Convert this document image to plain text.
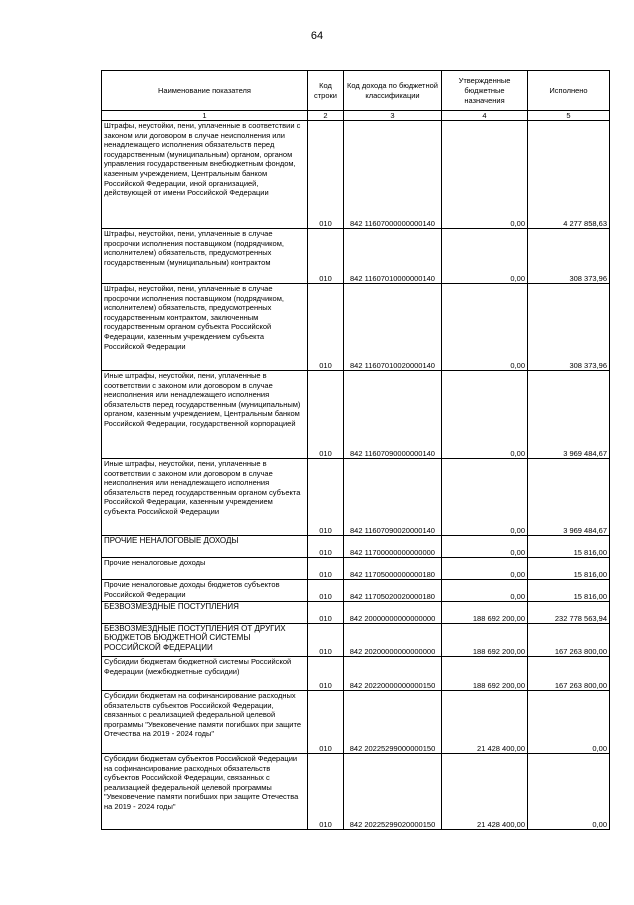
64
Наименование показателя	Код строки	Код дохода по бюджетной классификации	Утвержденные бюджетные назначения	Исполнено
1	2	3	4	5
Штрафы, неустойки, пени, уплаченные в соответствии с законом или договором в случае неисполнения или ненадлежащего исполнения обязательств перед государственным (муниципальным) органом, органом управления государственным внебюджетным фондом, казенным учреждением, Центральным банком Российской Федерации, иной организацией, действующей от имени Российской Федерации	010	842 11607000000000140	0,00	4 277 858,63
Штрафы, неустойки, пени, уплаченные в случае просрочки исполнения поставщиком (подрядчиком, исполнителем) обязательств, предусмотренных государственным (муниципальным) контрактом	010	842 11607010000000140	0,00	308 373,96
Штрафы, неустойки, пени, уплаченные в случае просрочки исполнения поставщиком (подрядчиком, исполнителем) обязательств, предусмотренных государственным контрактом, заключенным государственным органом субъекта Российской Федерации, казенным учреждением субъекта Российской Федерации	010	842 11607010020000140	0,00	308 373,96
Иные штрафы, неустойки, пени, уплаченные в соответствии с законом или договором в случае неисполнения или ненадлежащего исполнения обязательств перед государственным (муниципальным) органом, казенным учреждением, Центральным банком Российской Федерации, государственной корпорацией	010	842 11607090000000140	0,00	3 969 484,67
Иные штрафы, неустойки, пени, уплаченные в соответствии с законом или договором в случае неисполнения или ненадлежащего исполнения обязательств перед государственным органом субъекта Российской Федерации, казенным учреждением субъекта Российской Федерации	010	842 11607090020000140	0,00	3 969 484,67
ПРОЧИЕ НЕНАЛОГОВЫЕ ДОХОДЫ	010	842 11700000000000000	0,00	15 816,00
Прочие неналоговые доходы	010	842 11705000000000180	0,00	15 816,00
Прочие неналоговые доходы бюджетов субъектов Российской Федерации	010	842 11705020020000180	0,00	15 816,00
БЕЗВОЗМЕЗДНЫЕ ПОСТУПЛЕНИЯ	010	842 20000000000000000	188 692 200,00	232 778 563,94
БЕЗВОЗМЕЗДНЫЕ ПОСТУПЛЕНИЯ ОТ ДРУГИХ БЮДЖЕТОВ БЮДЖЕТНОЙ СИСТЕМЫ РОССИЙСКОЙ ФЕДЕРАЦИИ	010	842 20200000000000000	188 692 200,00	167 263 800,00
Субсидии бюджетам бюджетной системы Российской Федерации (межбюджетные субсидии)	010	842 20220000000000150	188 692 200,00	167 263 800,00
Субсидии бюджетам на софинансирование расходных обязательств субъектов Российской Федерации, связанных с реализацией федеральной целевой программы "Увековечение памяти погибших при защите Отечества на 2019 - 2024 годы"	010	842 20225299000000150	21 428 400,00	0,00
Субсидии бюджетам субъектов Российской Федерации на софинансирование расходных обязательств субъектов Российской Федерации, связанных с реализацией федеральной целевой программы "Увековечение памяти погибших при защите Отечества на 2019 - 2024 годы"	010	842 20225299020000150	21 428 400,00	0,00
